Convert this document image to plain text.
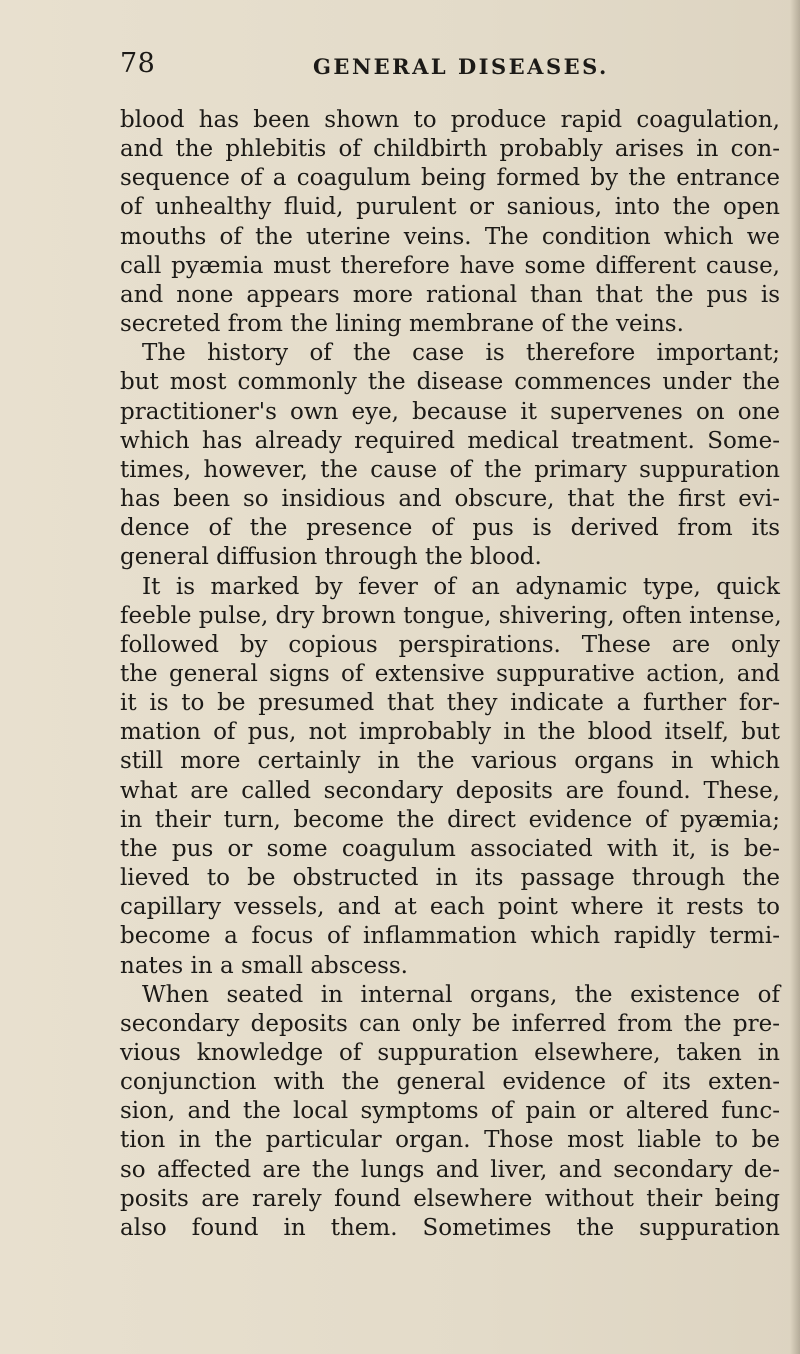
78	GENERAL DISEASES.
blood has been shown to produce rapid coagulation,
and the phlebitis of childbirth probably arises in con-
sequence of a coagulum being formed by the entrance
of unhealthy fluid, purulent or sanious, into the open
mouths of the uterine veins. The condition which we
call pyæmia must therefore have some different cause,
and none appears more rational than that the pus is
secreted from the lining membrane of the veins.
The history of the case is therefore important;
but most commonly the disease commences under the
practitioner's own eye, because it supervenes on one
which has already required medical treatment. Some-
times, however, the cause of the primary suppuration
has been so insidious and obscure, that the first evi-
dence of the presence of pus is derived from its
general diffusion through the blood.
It is marked by fever of an adynamic type, quick
feeble pulse, dry brown tongue, shivering, often intense,
followed by copious perspirations. These are only
the general signs of extensive suppurative action, and
it is to be presumed that they indicate a further for-
mation of pus, not improbably in the blood itself, but
still more certainly in the various organs in which
what are called secondary deposits are found. These,
in their turn, become the direct evidence of pyæmia;
the pus or some coagulum associated with it, is be-
lieved to be obstructed in its passage through the
capillary vessels, and at each point where it rests to
become a focus of inflammation which rapidly termi-
nates in a small abscess.
When seated in internal organs, the existence of
secondary deposits can only be inferred from the pre-
vious knowledge of suppuration elsewhere, taken in
conjunction with the general evidence of its exten-
sion, and the local symptoms of pain or altered func-
tion in the particular organ. Those most liable to be
so affected are the lungs and liver, and secondary de-
posits are rarely found elsewhere without their being
also found in them. Sometimes the suppuration
